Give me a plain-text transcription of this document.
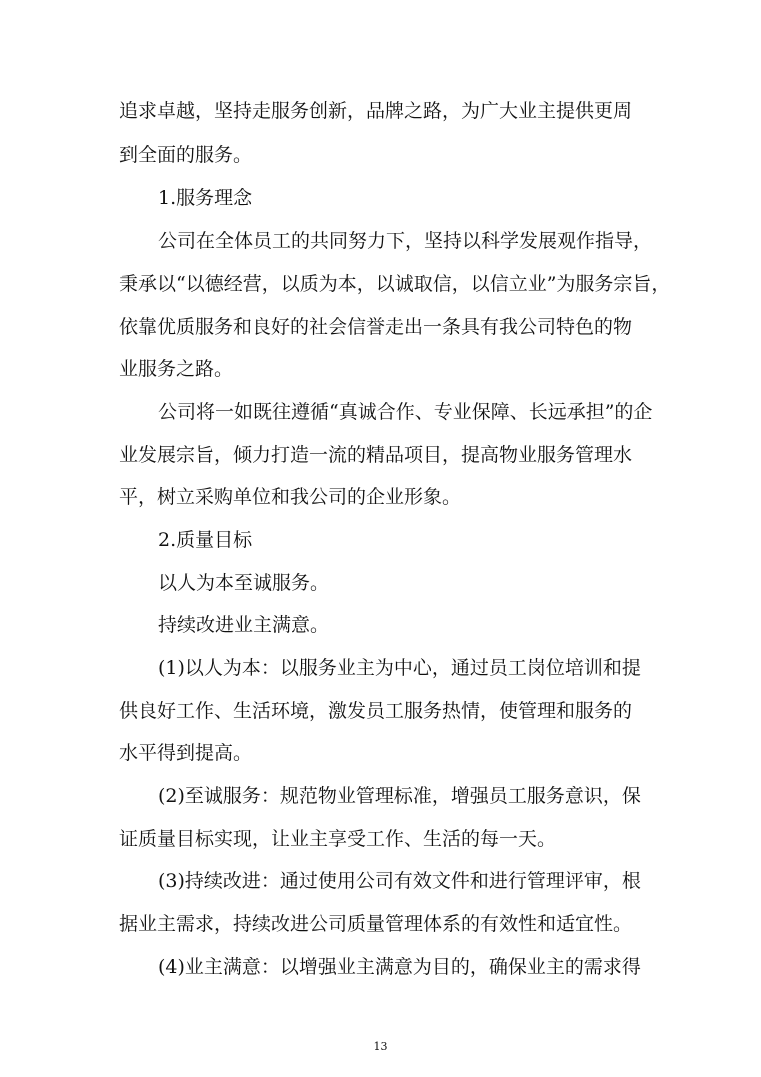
追求卓越，坚持走服务创新，品牌之路，为广大业主提供更周

到全面的服务。

1.服务理念

公司在全体员工的共同努力下，坚持以科学发展观作指导，

秉承以“以德经营，以质为本，以诚取信，以信立业”为服务宗旨，

依靠优质服务和良好的社会信誉走出一条具有我公司特色的物

业服务之路。

公司将一如既往遵循“真诚合作、专业保障、长远承担”的企

业发展宗旨，倾力打造一流的精品项目，提高物业服务管理水

平，树立采购单位和我公司的企业形象。

2.质量目标

以人为本至诚服务。

持续改进业主满意。

(1)以人为本：以服务业主为中心，通过员工岗位培训和提

供良好工作、生活环境，激发员工服务热情，使管理和服务的

水平得到提高。

(2)至诚服务：规范物业管理标准，增强员工服务意识，保

证质量目标实现，让业主享受工作、生活的每一天。

(3)持续改进：通过使用公司有效文件和进行管理评审，根

据业主需求，持续改进公司质量管理体系的有效性和适宜性。

(4)业主满意：以增强业主满意为目的，确保业主的需求得

13
